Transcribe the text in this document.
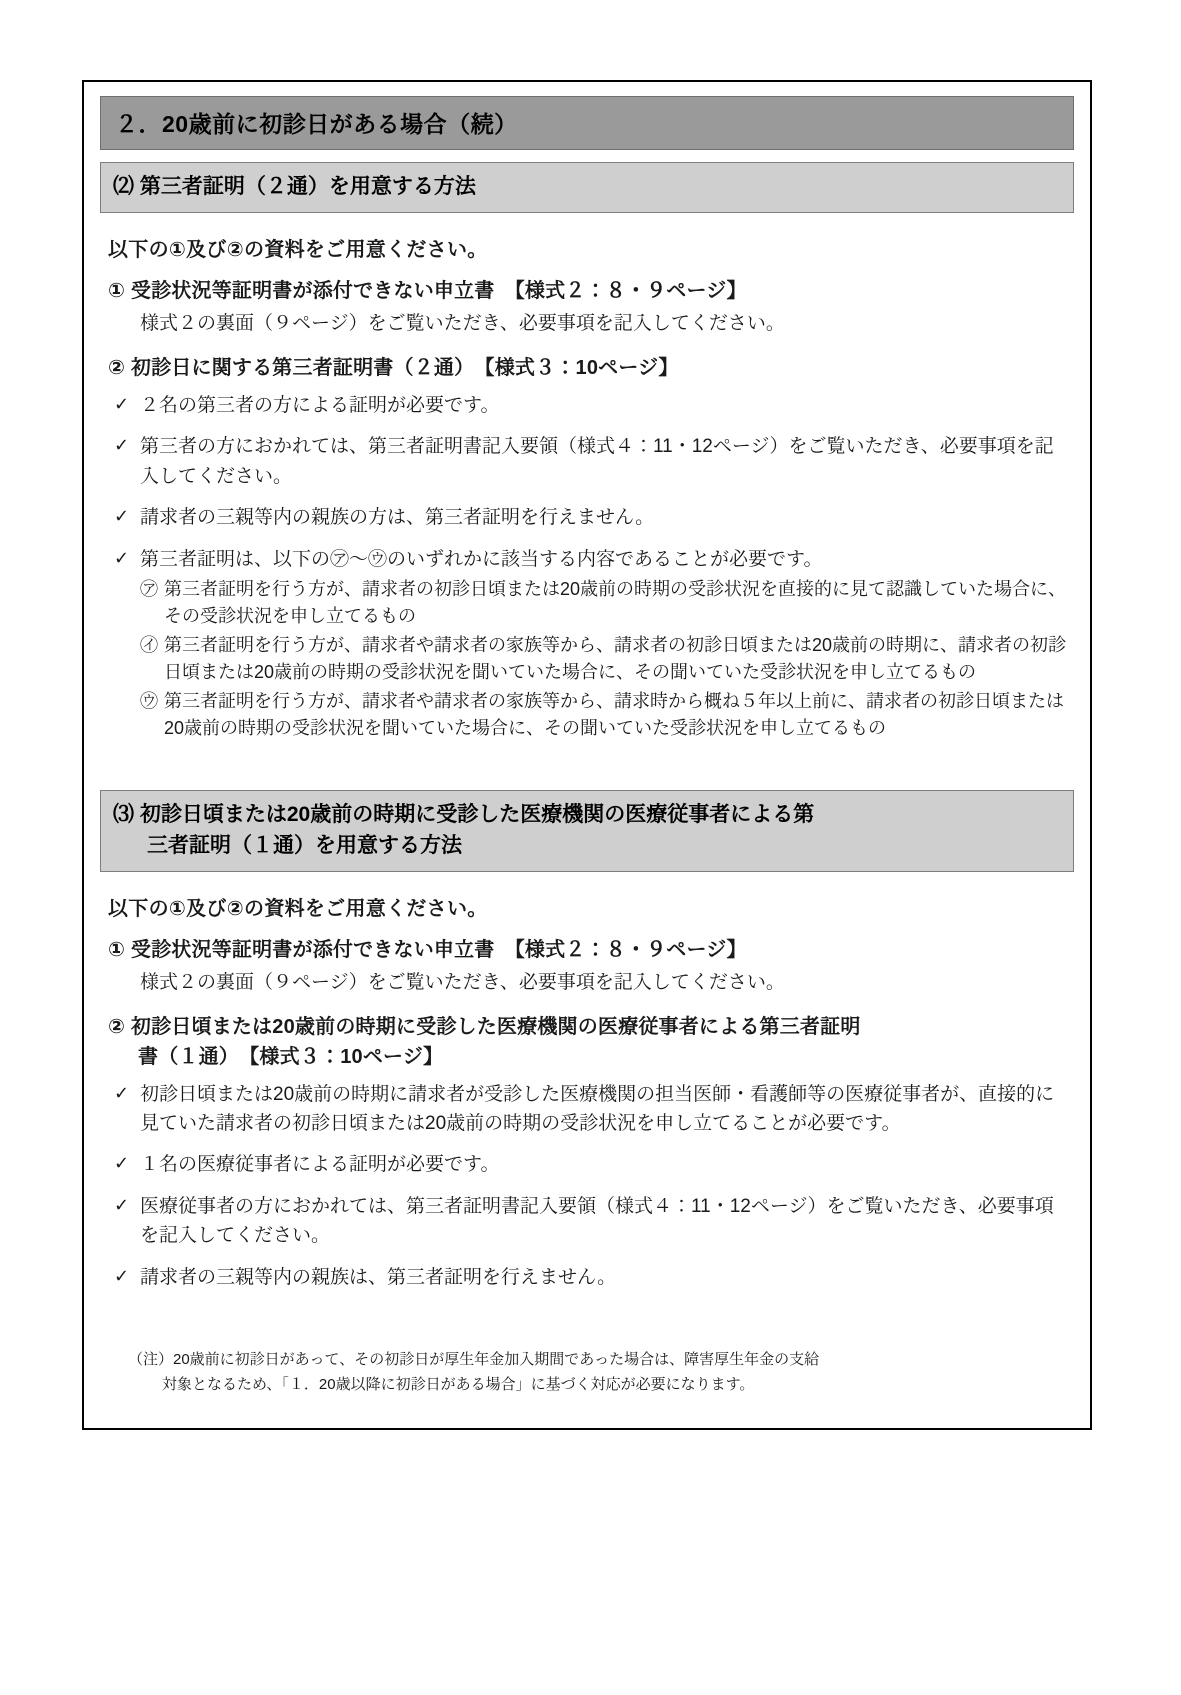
２．20歳前に初診日がある場合（続）
⑵ 第三者証明（２通）を用意する方法
以下の①及び②の資料をご用意ください。
① 受診状況等証明書が添付できない申立書　【様式２：８・９ページ】
様式２の裏面（９ページ）をご覧いただき、必要事項を記入してください。
② 初診日に関する第三者証明書（２通）　【様式３：10ページ】
✓ ２名の第三者の方による証明が必要です。
✓ 第三者の方におかれては、第三者証明書記入要領（様式４：11・12ページ）をご覧いただき、必要事項を記入してください。
✓ 請求者の三親等内の親族の方は、第三者証明を行えません。
✓ 第三者証明は、以下の㋐～㋒のいずれかに該当する内容であることが必要です。
㋐ 第三者証明を行う方が、請求者の初診日頃または20歳前の時期の受診状況を直接的に見て認識していた場合に、その受診状況を申し立てるもの
㋑ 第三者証明を行う方が、請求者や請求者の家族等から、請求者の初診日頃または20歳前の時期に、請求者の初診日頃または20歳前の時期の受診状況を聞いていた場合に、その聞いていた受診状況を申し立てるもの
㋒ 第三者証明を行う方が、請求者や請求者の家族等から、請求時から概ね５年以上前に、請求者の初診日頃または20歳前の時期の受診状況を聞いていた場合に、その聞いていた受診状況を申し立てるもの
⑶ 初診日頃または20歳前の時期に受診した医療機関の医療従事者による第
三者証明（１通）を用意する方法
以下の①及び②の資料をご用意ください。
① 受診状況等証明書が添付できない申立書　【様式２：８・９ページ】
様式２の裏面（９ページ）をご覧いただき、必要事項を記入してください。
② 初診日頃または20歳前の時期に受診した医療機関の医療従事者による第三者証明
書（１通）　【様式３：10ページ】
✓ 初診日頃または20歳前の時期に請求者が受診した医療機関の担当医師・看護師等の医療従事者が、直接的に見ていた請求者の初診日頃または20歳前の時期の受診状況を申し立てることが必要です。
✓ １名の医療従事者による証明が必要です。
✓ 医療従事者の方におかれては、第三者証明書記入要領（様式４：11・12ページ）をご覧いただき、必要事項を記入してください。
✓ 請求者の三親等内の親族は、第三者証明を行えません。
（注）20歳前に初診日があって、その初診日が厚生年金加入期間であった場合は、障害厚生年金の支給
対象となるため、「１．20歳以降に初診日がある場合」に基づく対応が必要になります。
